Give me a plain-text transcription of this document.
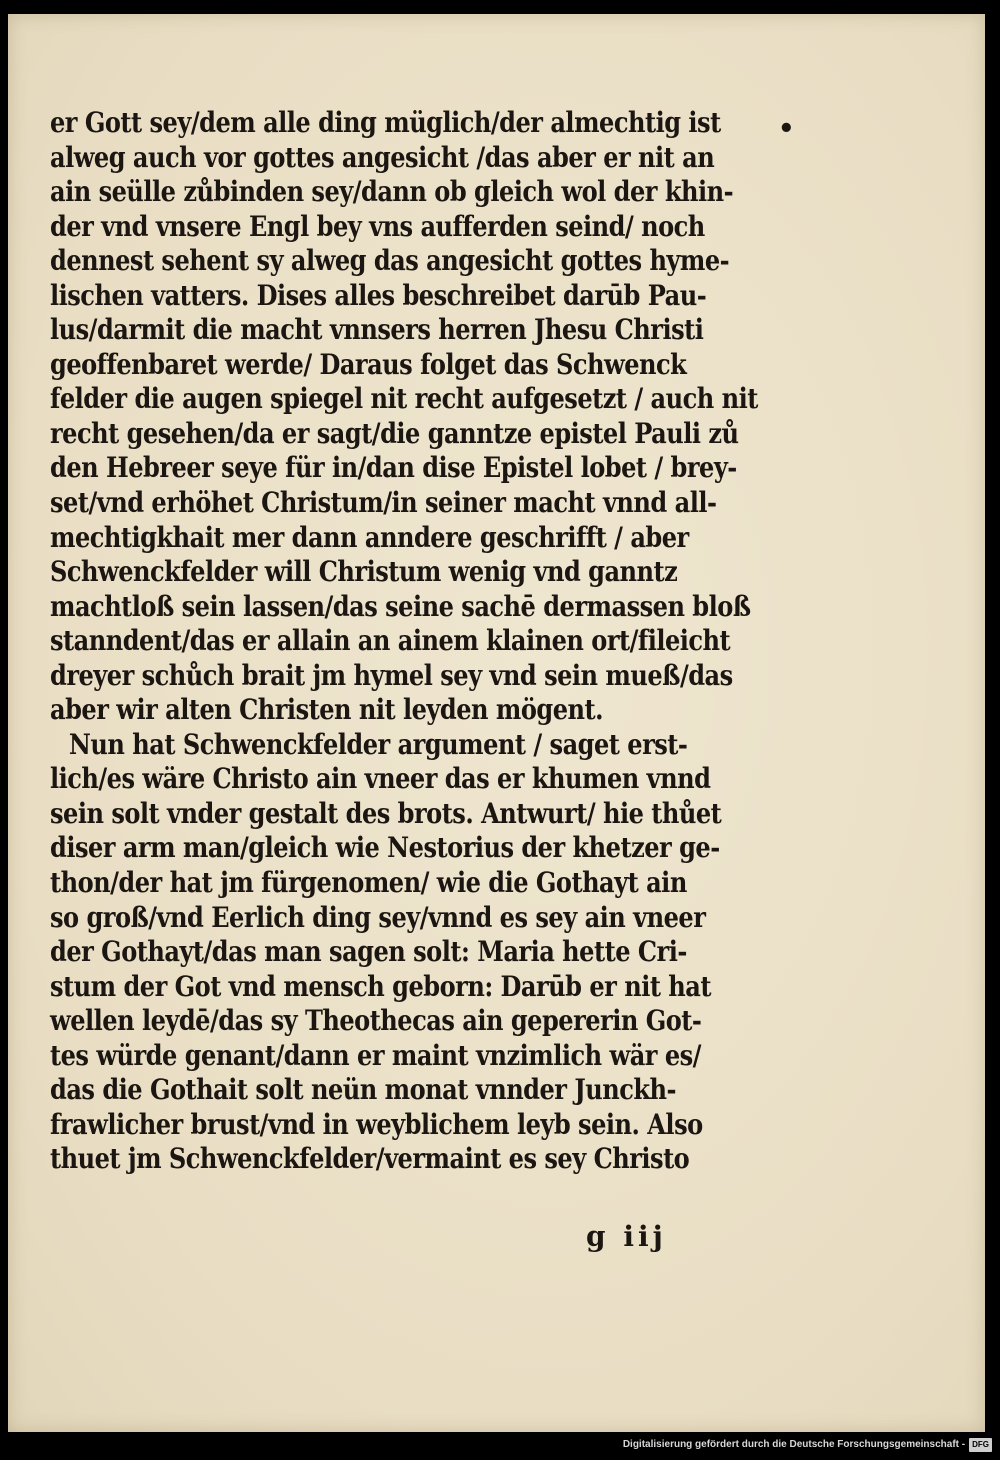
er Gott sey/dem alle ding müglich/der almechtig ist
alweg auch vor gottes angesicht /das aber er nit an
ain seülle zůbinden sey/dann ob gleich wol der khin-
der vnd vnsere Engl bey vns aufferden seind/ noch
dennest sehent sy alweg das angesicht gottes hyme-
lischen vatters. Dises alles beschreibet darūb Pau-
lus/darmit die macht vnnsers herren Jhesu Christi
geoffenbaret werde/ Daraus folget das Schwenck
felder die augen spiegel nit recht aufgesetzt / auch nit
recht gesehen/da er sagt/die ganntze epistel Pauli zů
den Hebreer seye für in/dan dise Epistel lobet / brey-
set/vnd erhöhet Christum/in seiner macht vnnd all-
mechtigkhait mer dann anndere geschrifft / aber
Schwenckfelder will Christum wenig vnd ganntz
machtloß sein lassen/das seine sachē dermassen bloß
stanndent/das er allain an ainem klainen ort/fileicht
dreyer schůch brait jm hymel sey vnd sein mueß/das
aber wir alten Christen nit leyden mögent.
Nun hat Schwenckfelder argument / saget erst-
lich/es wäre Christo ain vneer das er khumen vnnd
sein solt vnder gestalt des brots. Antwurt/ hie thůet
diser arm man/gleich wie Nestorius der khetzer ge-
thon/der hat jm fürgenomen/ wie die Gothayt ain
so groß/vnd Eerlich ding sey/vnnd es sey ain vneer
der Gothayt/das man sagen solt: Maria hette Cri-
stum der Got vnd mensch geborn: Darūb er nit hat
wellen leydē/das sy Theothecas ain gepererin Got-
tes würde genant/dann er maint vnzimlich wär es/
das die Gothait solt neün monat vnnder Junckh-
frawlicher brust/vnd in weyblichem leyb sein. Also
thuet jm Schwenckfelder/vermaint es sey Christo
•
g iij
Digitalisierung gefördert durch die Deutsche Forschungsgemeinschaft - DFG
